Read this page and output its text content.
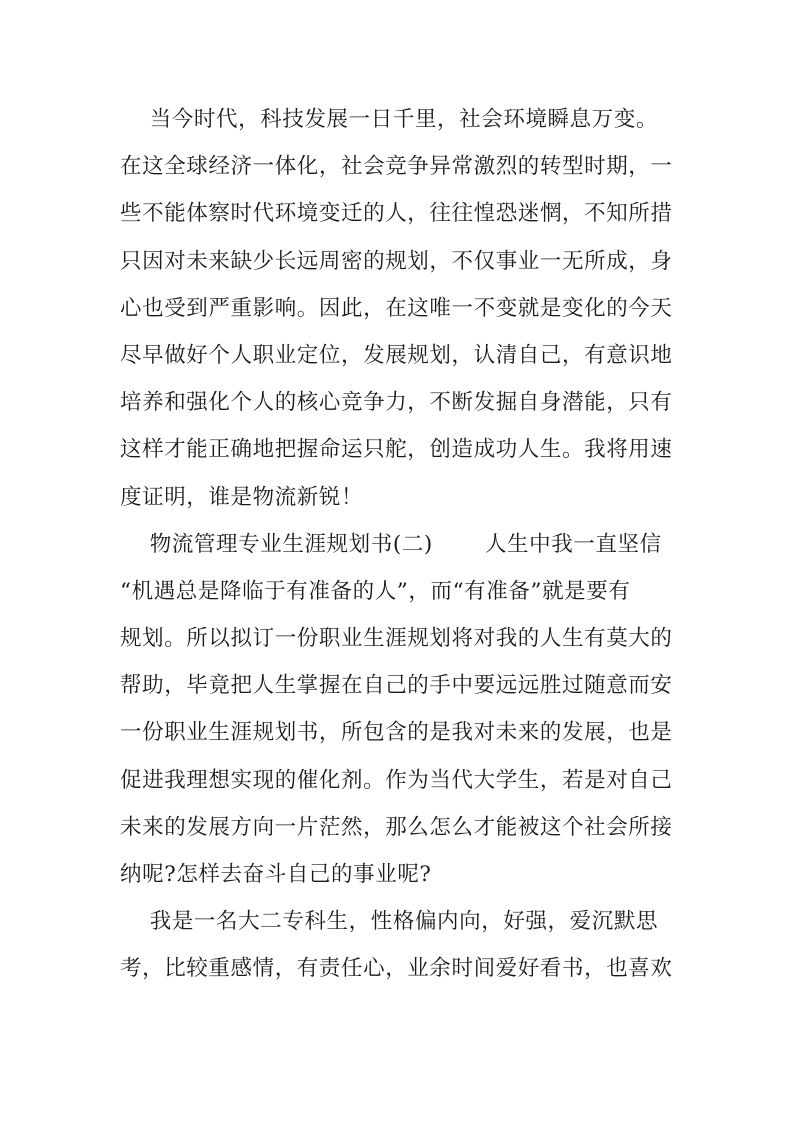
当今时代，科技发展一日千里，社会环境瞬息万变。
在这全球经济一体化，社会竞争异常激烈的转型时期，一
些不能体察时代环境变迁的人，往往惶恐迷惘，不知所措
只因对未来缺少长远周密的规划，不仅事业一无所成，身
心也受到严重影响。因此，在这唯一不变就是变化的今天
尽早做好个人职业定位，发展规划，认清自己，有意识地
培养和强化个人的核心竞争力，不断发掘自身潜能，只有
这样才能正确地把握命运只舵，创造成功人生。我将用速
度证明，谁是物流新锐！
物流管理专业生涯规划书(二)       人生中我一直坚信
“机遇总是降临于有准备的人”，而“有准备”就是要有
规划。所以拟订一份职业生涯规划将对我的人生有莫大的
帮助，毕竟把人生掌握在自己的手中要远远胜过随意而安
一份职业生涯规划书，所包含的是我对未来的发展，也是
促进我理想实现的催化剂。作为当代大学生，若是对自己
未来的发展方向一片茫然，那么怎么才能被这个社会所接
纳呢?怎样去奋斗自己的事业呢?
我是一名大二专科生，性格偏内向，好强，爱沉默思
考，比较重感情，有责任心，业余时间爱好看书，也喜欢
